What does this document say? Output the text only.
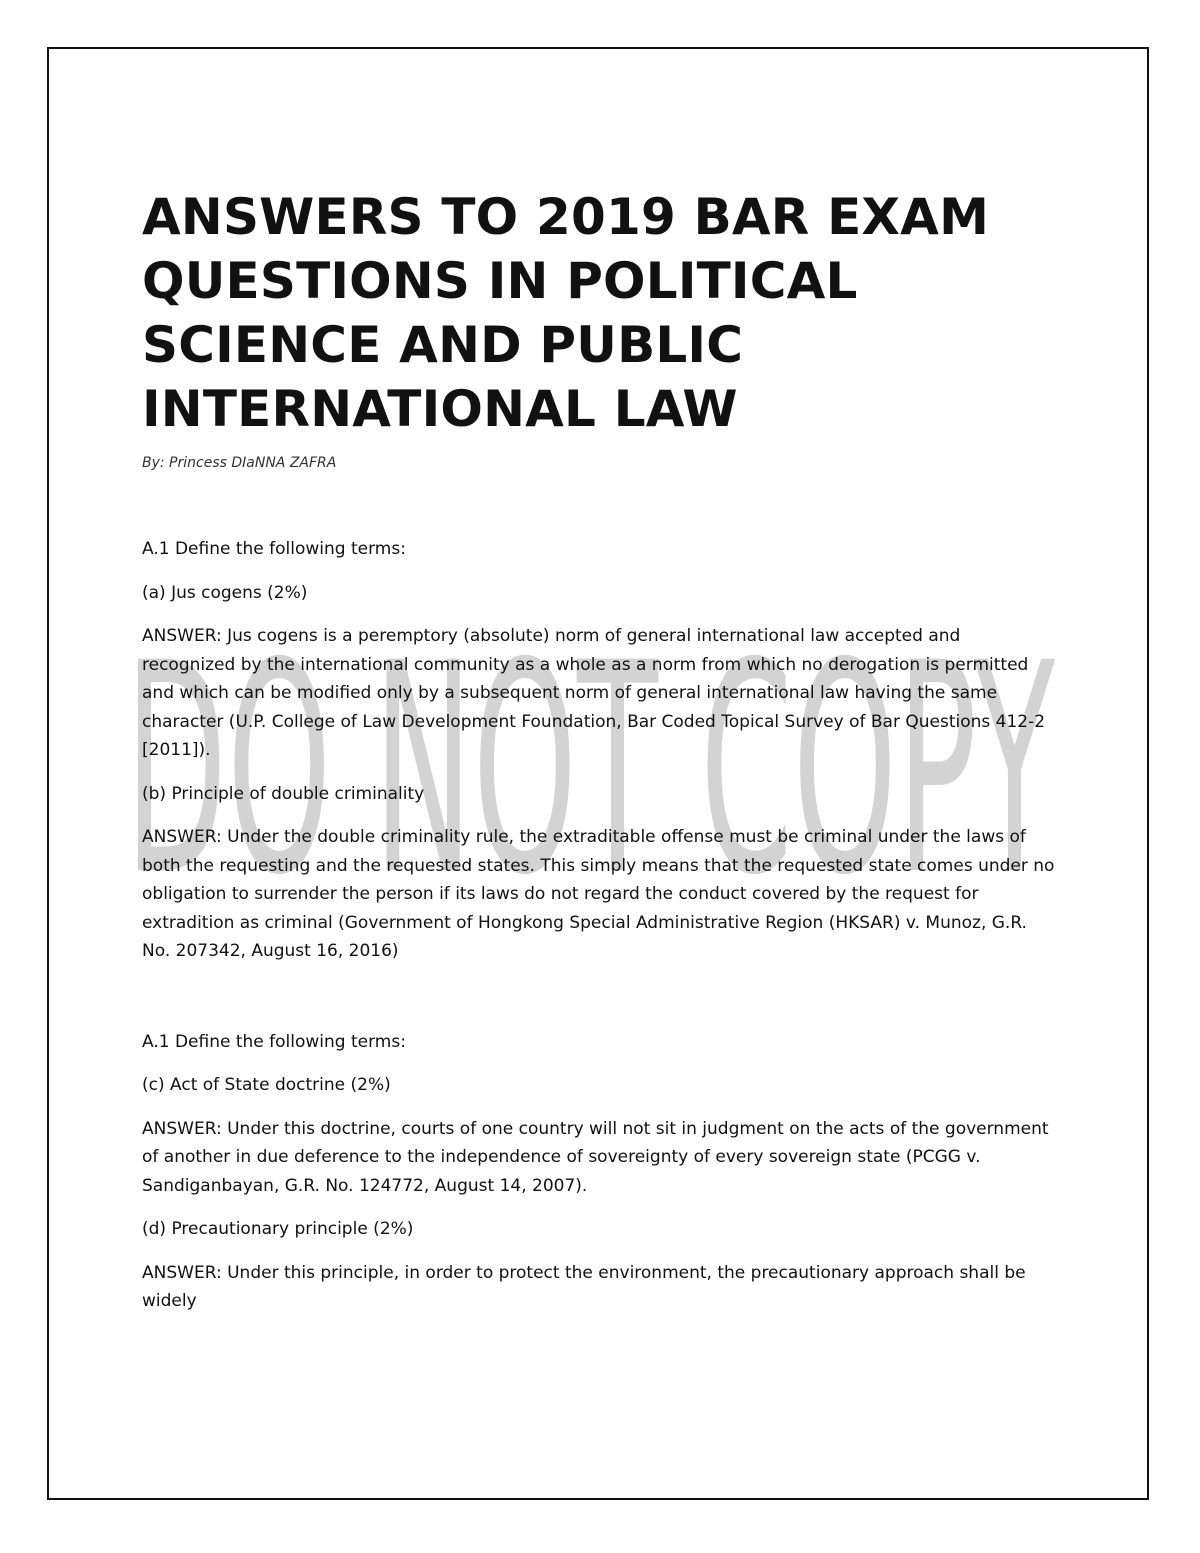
DO NOT COPY
ANSWERS TO 2019 BAR EXAM QUESTIONS IN POLITICAL SCIENCE AND PUBLIC INTERNATIONAL LAW

By: Princess DIaNNA ZAFRA

A.1 Define the following terms:

(a) Jus cogens (2%)

ANSWER: Jus cogens is a peremptory (absolute) norm of general international law accepted and recognized by the international community as a whole as a norm from which no derogation is permitted and which can be modified only by a subsequent norm of general international law having the same character (U.P. College of Law Development Foundation, Bar Coded Topical Survey of Bar Questions 412-2 [2011]).

(b) Principle of double criminality

ANSWER: Under the double criminality rule, the extraditable offense must be criminal under the laws of both the requesting and the requested states. This simply means that the requested state comes under no obligation to surrender the person if its laws do not regard the conduct covered by the request for extradition as criminal (Government of Hongkong Special Administrative Region (HKSAR) v. Munoz, G.R. No. 207342, August 16, 2016)

A.1 Define the following terms:

(c) Act of State doctrine (2%)

ANSWER: Under this doctrine, courts of one country will not sit in judgment on the acts of the government of another in due deference to the independence of sovereignty of every sovereign state (PCGG v. Sandiganbayan, G.R. No. 124772, August 14, 2007).

(d) Precautionary principle (2%)

ANSWER: Under this principle, in order to protect the environment, the precautionary approach shall be widely
